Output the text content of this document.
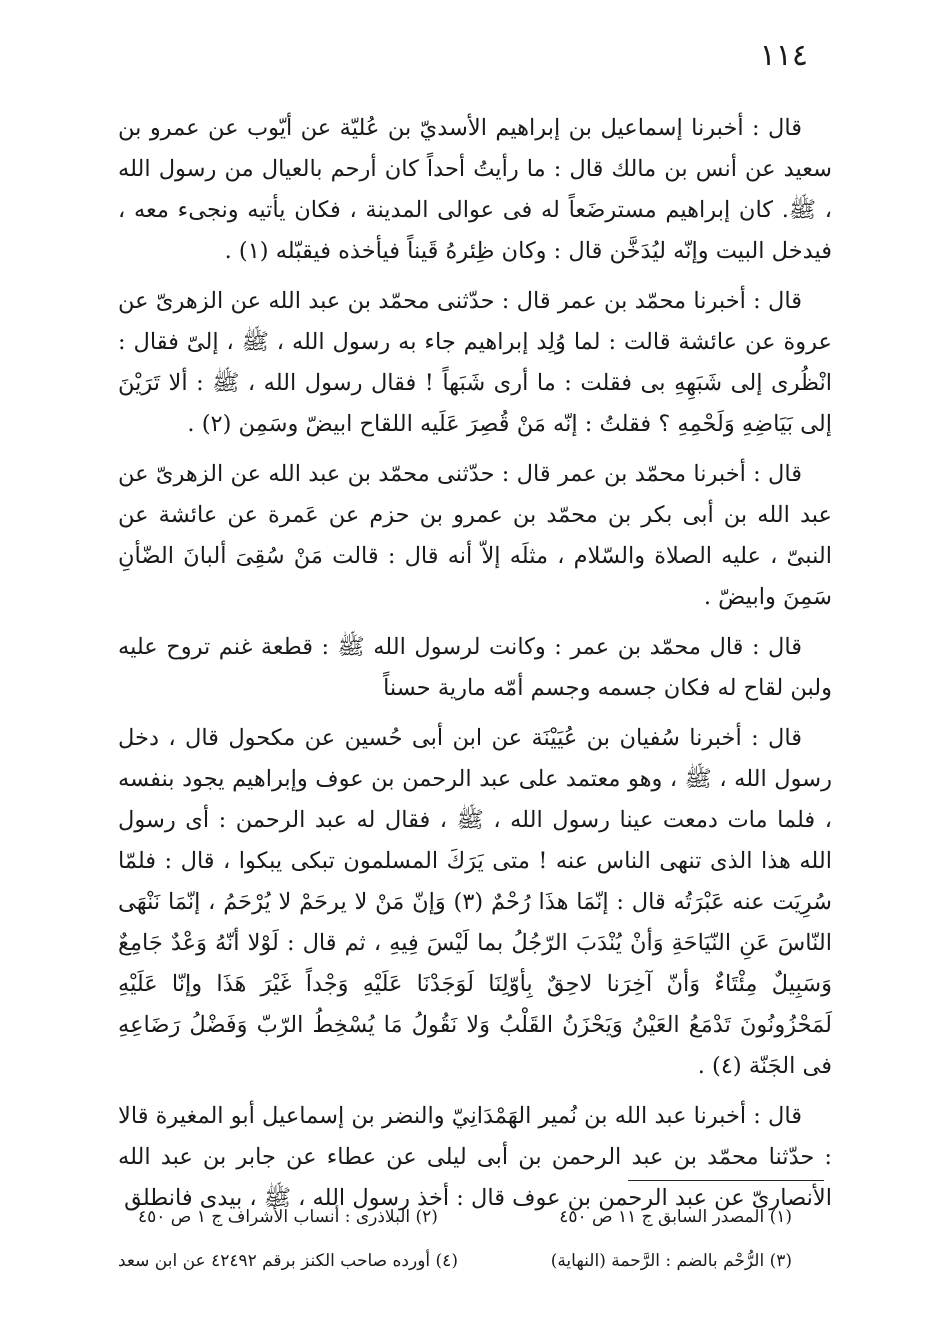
١١٤

قال : أخبرنا إسماعيل بن إبراهيم الأسديّ بن عُليّة عن أيّوب عن عمرو بن سعيد عن أنس بن مالك قال : ما رأيتُ أحداً كان أرحم بالعيال من رسول الله ، ﷺ. كان إبراهيم مسترضَعاً له فى عوالى المدينة ، فكان يأتيه ونجىء معه ، فيدخل البيت وإنّه ليُدَخَّن قال : وكان ظِئرهُ قَيناً فيأخذه فيقبّله (١) .

قال : أخبرنا محمّد بن عمر قال : حدّثنى محمّد بن عبد الله عن الزهرىّ عن عروة عن عائشة قالت : لما وُلِد إبراهيم جاء به رسول الله ، ﷺ ، إلىّ فقال : انْظُرى إلى شَبَهِهِ بى فقلت : ما أرى شَبَهاً ! فقال رسول الله ، ﷺ : ألا تَرَيْنَ إلى بَيَاضِهِ وَلَحْمِهِ ؟ فقلتُ : إنّه مَنْ قُصِرَ عَلَيه اللقاح ابيضّ وسَمِن (٢) .

قال : أخبرنا محمّد بن عمر قال : حدّثنى محمّد بن عبد الله عن الزهرىّ عن عبد الله بن أبى بكر بن محمّد بن عمرو بن حزم عن عَمرة عن عائشة عن النبىّ ، عليه الصلاة والسّلام ، مثلَه إلاّ أنه قال : قالت مَنْ سُقِىَ ألبانَ الضّأنِ سَمِنَ وابيضّ .

قال : قال محمّد بن عمر : وكانت لرسول الله ﷺ : قطعة غنم تروح عليه ولبن لقاح له فكان جسمه وجسم أمّه مارية حسناً

قال : أخبرنا سُفيان بن عُيَيْنَة عن ابن أبى حُسين عن مكحول قال ، دخل رسول الله ، ﷺ ، وهو معتمد على عبد الرحمن بن عوف وإبراهيم يجود بنفسه ، فلما مات دمعت عينا رسول الله ، ﷺ ، فقال له عبد الرحمن : أى رسول الله هذا الذى تنهى الناس عنه ! متى يَرَكَ المسلمون تبكى يبكوا ، قال : فلمّا سُرِيَت عنه عَبْرَتُه قال : إنّمَا هذَا رُحْمٌ (٣) وَإنّ مَنْ لا يرحَمْ لا يُرْحَمُ ، إنّمَا نَنْهَى النّاسَ عَنِ النّيَاحَةِ وَأنْ يُنْدَبَ الرّجُلُ بما لَيْسَ فِيهِ ، ثم قال : لَوْلا أنّهُ وَعْدٌ جَامِعٌ وَسَبِيلٌ مِئْتَاءٌ وَأنّ آخِرَنا لاحِقٌ بِأوّلِنَا لَوَجَدْنَا عَلَيْهِ وَجْداً غَيْرَ هَذَا وإنّا عَلَيْهِ لَمَحْزُونُونَ تَدْمَعُ العَيْنُ وَيَحْزَنُ القَلْبُ وَلا نَقُولُ مَا يُسْخِطُ الرّبّ وَفَضْلُ رَضَاعِهِ فى الجَنّة (٤) .

قال : أخبرنا عبد الله بن نُمير الهَمْدَانِيّ والنضر بن إسماعيل أبو المغيرة قالا : حدّثنا محمّد بن عبد الرحمن بن أبى ليلى عن عطاء عن جابر بن عبد الله الأنصارىّ عن عبد الرحمن بن عوف قال : أخذ رسول الله ، ﷺ ، بيدى فانطلق

(١) المصدر السابق ج ١١ ص ٤٥٠
(٢) البلاذرى : أنساب الأشراف ج ١ ص ٤٥٠
(٣) الرُّحْم بالضم : الرَّحمة (النهاية)
(٤) أورده صاحب الكنز برقم ٤٢٤٩٢ عن ابن سعد
